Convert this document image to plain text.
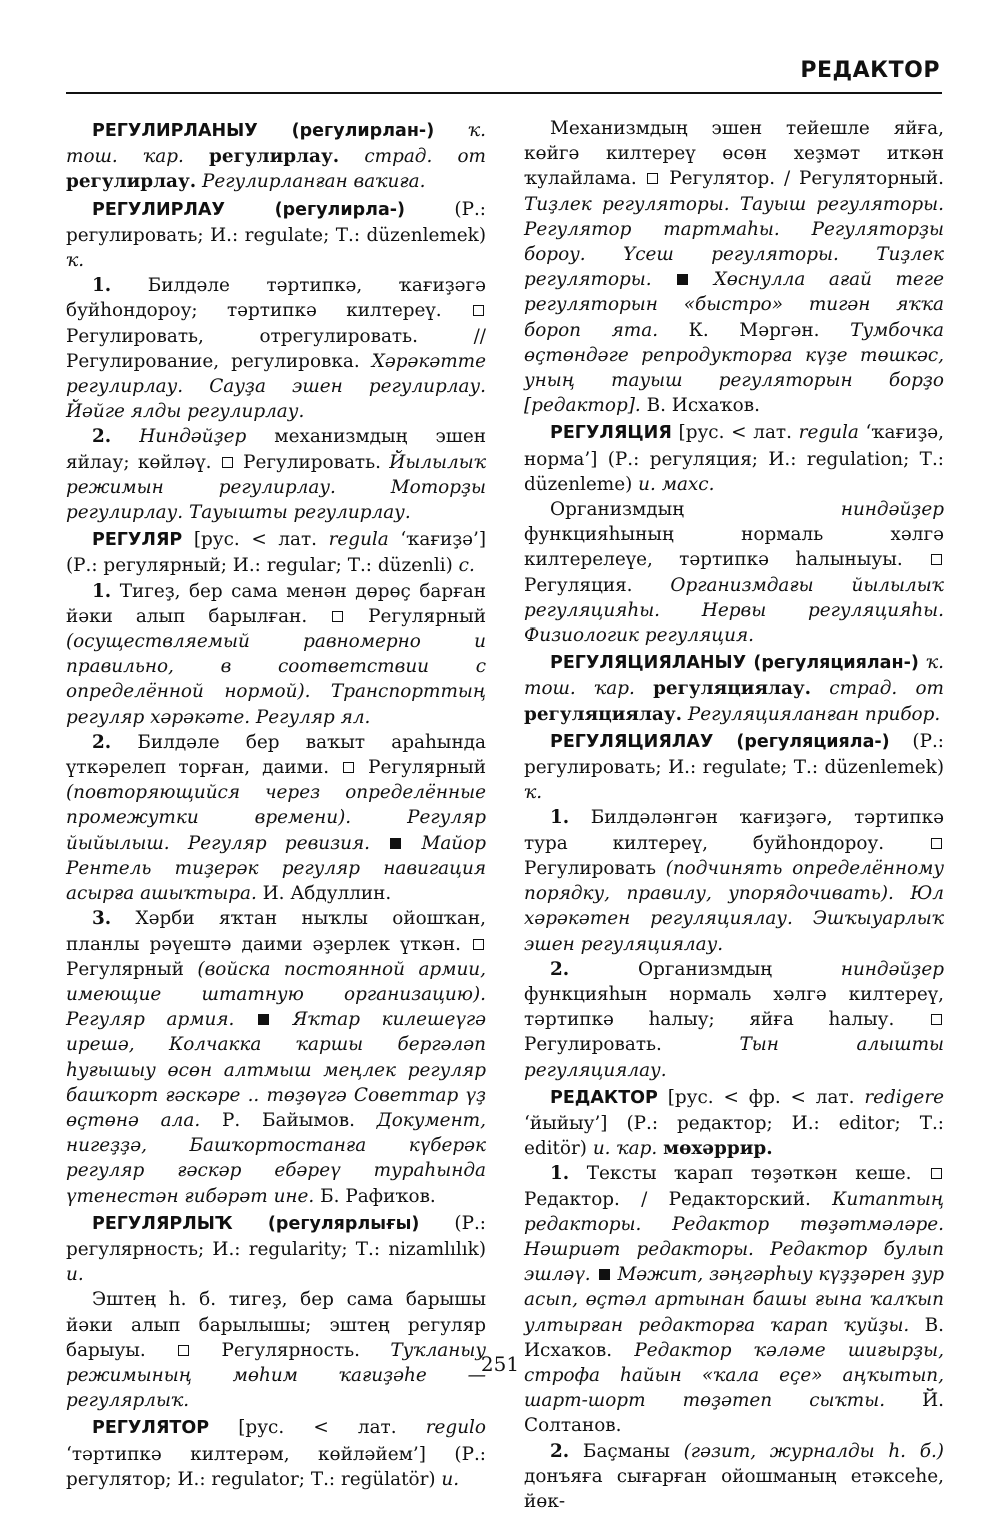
РЕДАКТОР

РЕГУЛИРЛАНЫУ (регулирлан-) ҡ. тош. ҡар. регулирлау. страд. от регулирлау. Регулирланған ваҡиға.

РЕГУЛИРЛАУ (регулирла-) (Р.: регулировать; И.: regulate; Т.: düzenlemek) ҡ.

1. Билдәле тәртипкә, ҡағиҙәгә буйһондороу; тәртипкә килтереү.  Регулировать, отрегулировать. // Регулирование, регулировка. Хәрәкәтте регулирлау. Сауҙа эшен регулирлау. Йәйге ялды регулирлау.

2. Ниндәйҙер механизмдың эшен яйлау; көйләү.  Регулировать. Йылылыҡ режимын регулирлау. Моторҙы регулирлау. Тауышты регулирлау.

РЕГУЛЯР [рус. < лат. regula ‘ҡағиҙә’] (Р.: регулярный; И.: regular; Т.: düzenli) с.

1. Тигеҙ, бер сама менән дөрөҫ барған йәки алып барылған.  Регулярный (осуществляемый равномерно и правильно, в соответствии с определённой нормой). Транспорттың регуляр хәрәкәте. Регуляр ял.

2. Билдәле бер ваҡыт араһында үткәрелеп торған, даими.  Регулярный (повторяющийся через определённые промежутки времени). Регуляр йыйылыш. Регуляр ревизия.  Майор Рентель тиҙерәк регуляр навигация асырға ашыҡтыра. И. Абдуллин.

3. Хәрби яҡтан ныҡлы ойошҡан, планлы рәүештә даими әҙерлек үткән.  Регулярный (войска постоянной армии, имеющие штатную организацию). Регуляр армия.  Яҡтар килешеүгә ирешә, Колчакка ҡаршы бергәләп һуғышыу өсөн алтмыш меңлек регуляр башҡорт ғәскәре .. төҙөүгә Советтар үҙ өҫтөнә ала. Р. Байымов. Документ, нигеҙҙә, Башҡортостанға күберәк регуляр ғәскәр ебәреү тураһында үтенестән ғибәрәт ине. Б. Рафиҡов.

РЕГУЛЯРЛЫҠ (регулярлығы) (Р.: регулярность; И.: regularity; Т.: nizamlılık) и.

Эштең һ. б. тигеҙ, бер сама барышы йәки алып барылышы; эштең регуляр барыуы.  Регулярность. Туҡланыу режимының мөһим ҡағиҙәһе — регулярлыҡ.

РЕГУЛЯТОР [рус. < лат. regulo ‘тәртипкә килтерәм, көйләйем’] (Р.: регулятор; И.: regulator; Т.: regülatör) и.

Механизмдың эшен тейешле яйға, көйгә килтереү өсөн хеҙмәт иткән ҡулайлама.  Регулятор. / Регуляторный. Тиҙлек регуляторы. Тауыш регуляторы. Регулятор тартмаһы. Регуляторҙы бороу. Үсеш регуляторы. Тиҙлек регуляторы.  Хөснулла ағай теге регуляторын «быстро» тигән яҡҡа бороп ята. К. Мәргән. Тумбочка өҫтөндәге репродукторға күҙе төшкәс, уның тауыш регуляторын борҙо [редактор]. В. Исхаҡов.

РЕГУЛЯЦИЯ [рус. < лат. regula ‘ҡағиҙә, норма’] (Р.: регуляция; И.: regulation; Т.: düzenleme) и. махс.

Организмдың ниндәйҙер функцияһының нормаль хәлгә килтерелеүе, тәртипкә һалыныуы.  Регуляция. Организмдағы йылылыҡ регуляцияһы. Нервы регуляцияһы. Физиологик регуляция.

РЕГУЛЯЦИЯЛАНЫУ (регуляциялан-) ҡ. тош. ҡар. регуляциялау. страд. от регуляциялау. Регуляцияланған прибор.

РЕГУЛЯЦИЯЛАУ (регуляцияла-) (Р.: регулировать; И.: regulate; Т.: düzenlemek) ҡ.

1. Билдәләнгән ҡағиҙәгә, тәртипкә тура килтереү, буйһондороу.  Регулировать (подчинять определённому порядку, правилу, упорядочивать). Юл хәрәкәтен регуляциялау. Эшҡыуарлыҡ эшен регуляциялау.

2. Организмдың ниндәйҙер функцияһын нормаль хәлгә килтереү, тәртипкә һалыу; яйға һалыу.  Регулировать. Тын алышты регуляциялау.

РЕДАКТОР [рус. < фр. < лат. redigere ‘йыйыу’] (Р.: редактор; И.: editor; Т.: editör) и. ҡар. мөхәррир.

1. Тексты ҡарап төҙәткән кеше.  Редактор. / Редакторский. Китаптың редакторы. Редактор төҙәтмәләре. Нәшриәт редакторы. Редактор булып эшләү.  Мәжит, зәңгәрһыу күҙҙәрен ҙур асып, өҫтәл артынан башы ғына ҡалҡып ултырған редакторға ҡарап ҡуйҙы. В. Исхаҡов. Редактор ҡәләме шиғырҙы, строфа һайын «ҡала еҫе» аңҡытып, шарт-шорт төҙәтеп сыҡты. Й. Солтанов.

2. Баҫманы (гәзит, журналды һ. б.) донъяға сығарған ойошманың етәксеһе, йөк-

251
